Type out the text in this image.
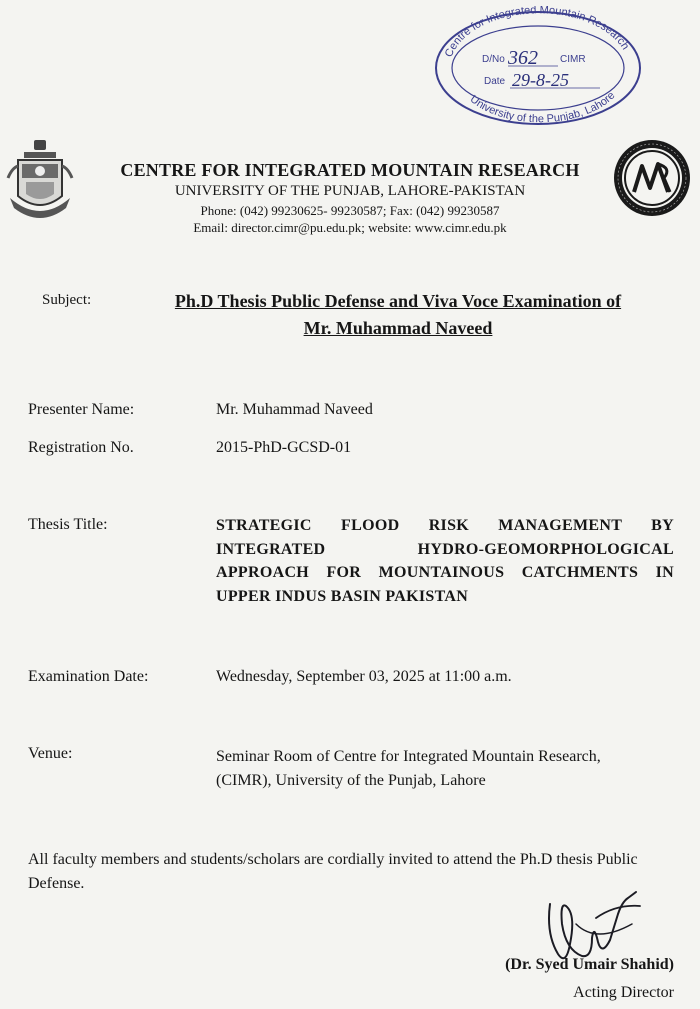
Centre for Integrated Mountain Research
University of the Punjab, Lahore
D/No 362 CIMR
Date 29-8-25
CENTRE FOR INTEGRATED MOUNTAIN RESEARCH
UNIVERSITY OF THE PUNJAB, LAHORE-PAKISTAN
Phone: (042) 99230625- 99230587; Fax: (042) 99230587
Email: director.cimr@pu.edu.pk; website: www.cimr.edu.pk
Subject:	Ph.D Thesis Public Defense and Viva Voce Examination of
Mr. Muhammad Naveed
Presenter Name:	Mr. Muhammad Naveed
Registration No.	2015-PhD-GCSD-01
Thesis Title:	STRATEGIC FLOOD RISK MANAGEMENT BY INTEGRATED HYDRO-GEOMORPHOLOGICAL APPROACH FOR MOUNTAINOUS CATCHMENTS IN UPPER INDUS BASIN PAKISTAN
Examination Date:	Wednesday, September 03, 2025 at 11:00 a.m.
Venue:	Seminar Room of Centre for Integrated Mountain Research,
(CIMR), University of the Punjab, Lahore
All faculty members and students/scholars are cordially invited to attend the Ph.D thesis Public Defense.
(Dr. Syed Umair Shahid)
Acting Director
